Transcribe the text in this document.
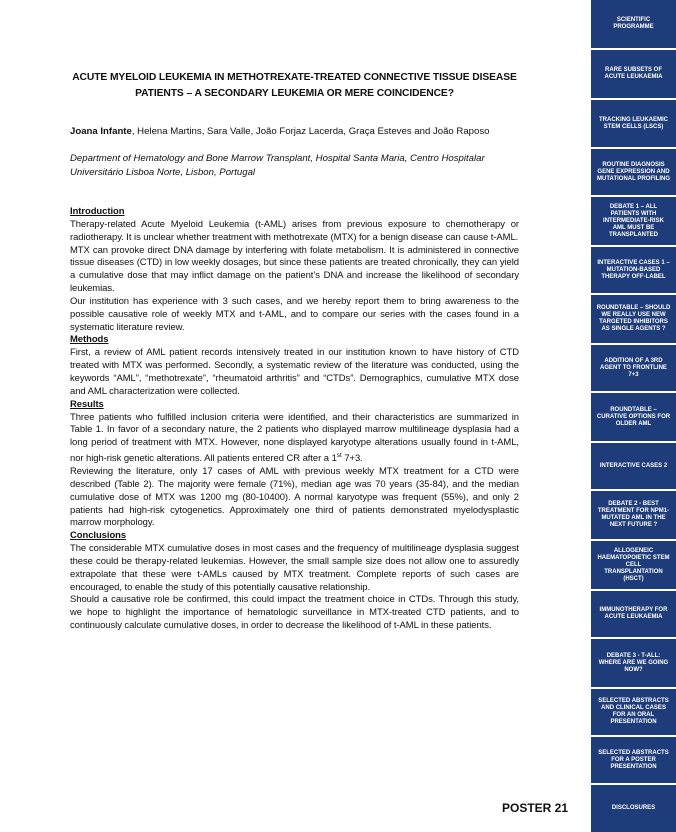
ACUTE MYELOID LEUKEMIA IN METHOTREXATE-TREATED CONNECTIVE TISSUE DISEASE PATIENTS – A SECONDARY LEUKEMIA OR MERE COINCIDENCE?
Joana Infante, Helena Martins, Sara Valle, João Forjaz Lacerda, Graça Esteves and João Raposo
Department of Hematology and Bone Marrow Transplant, Hospital Santa Maria, Centro Hospitalar Universitário Lisboa Norte, Lisbon, Portugal

Introduction

Therapy-related Acute Myeloid Leukemia (t-AML) arises from previous exposure to chemotherapy or radiotherapy. It is unclear whether treatment with methotrexate (MTX) for a benign disease can cause t-AML.

MTX can provoke direct DNA damage by interfering with folate metabolism. It is administered in connective tissue diseases (CTD) in low weekly dosages, but since these patients are treated chronically, they can yield a cumulative dose that may inflict damage on the patient’s DNA and increase the likelihood of secondary leukemias.

Our institution has experience with 3 such cases, and we hereby report them to bring awareness to the possible causative role of weekly MTX and t-AML, and to compare our series with the cases found in a systematic literature review.

Methods

First, a review of AML patient records intensively treated in our institution known to have history of CTD treated with MTX was performed. Secondly, a systematic review of the literature was conducted, using the keywords “AML”, “methotrexate”, “rheumatoid arthritis” and “CTDs”. Demographics, cumulative MTX dose and AML characterization were collected.

Results

Three patients who fulfilled inclusion criteria were identified, and their characteristics are summarized in Table 1. In favor of a secondary nature, the 2 patients who displayed marrow multilineage dysplasia had a long period of treatment with MTX. However, none displayed karyotype alterations usually found in t-AML, nor high-risk genetic alterations. All patients entered CR after a 1st 7+3.

Reviewing the literature, only 17 cases of AML with previous weekly MTX treatment for a CTD were described (Table 2). The majority were female (71%), median age was 70 years (35-84), and the median cumulative dose of MTX was 1200 mg (80-10400). A normal karyotype was frequent (55%), and only 2 patients had high-risk cytogenetics. Approximately one third of patients demonstrated myelodysplastic marrow morphology.

Conclusions

The considerable MTX cumulative doses in most cases and the frequency of multilineage dysplasia suggest these could be therapy-related leukemias. However, the small sample size does not allow one to assuredly extrapolate that these were t-AMLs caused by MTX treatment. Complete reports of such cases are encouraged, to enable the study of this potentially causative relationship.

Should a causative role be confirmed, this could impact the treatment choice in CTDs. Through this study, we hope to highlight the importance of hematologic surveillance in MTX-treated CTD patients, and to continuously calculate cumulative doses, in order to decrease the likelihood of t-AML in these patients.

POSTER 21
SCIENTIFIC PROGRAMME
RARE SUBSETS OF ACUTE LEUKAEMIA
TRACKING LEUKAEMIC STEM CELLS (LSCS)
ROUTINE DIAGNOSIS GENE EXPRESSION AND MUTATIONAL PROFILING
DEBATE 1 – ALL PATIENTS WITH INTERMEDIATE-RISK AML MUST BE TRANSPLANTED
INTERACTIVE CASES 1 – MUTATION-BASED THERAPY OFF-LABEL
ROUNDTABLE – SHOULD WE REALLY USE NEW TARGETED INHIBITORS AS SINGLE AGENTS ?
ADDITION OF A 3RD AGENT TO FRONTLINE 7+3
ROUNDTABLE – CURATIVE OPTIONS FOR OLDER AML
INTERACTIVE CASES 2
DEBATE 2 - BEST TREATMENT FOR NPM1-MUTATED AML IN THE NEXT FUTURE ?
ALLOGENEIC HAEMATOPOIETIC STEM CELL TRANSPLANTATION (HSCT)
IMMUNOTHERAPY FOR ACUTE LEUKAEMIA
DEBATE 3 - T-ALL: WHERE ARE WE GOING NOW?
SELECTED ABSTRACTS AND CLINICAL CASES FOR AN ORAL PRESENTATION
SELECTED ABSTRACTS FOR A POSTER PRESENTATION
DISCLOSURES
